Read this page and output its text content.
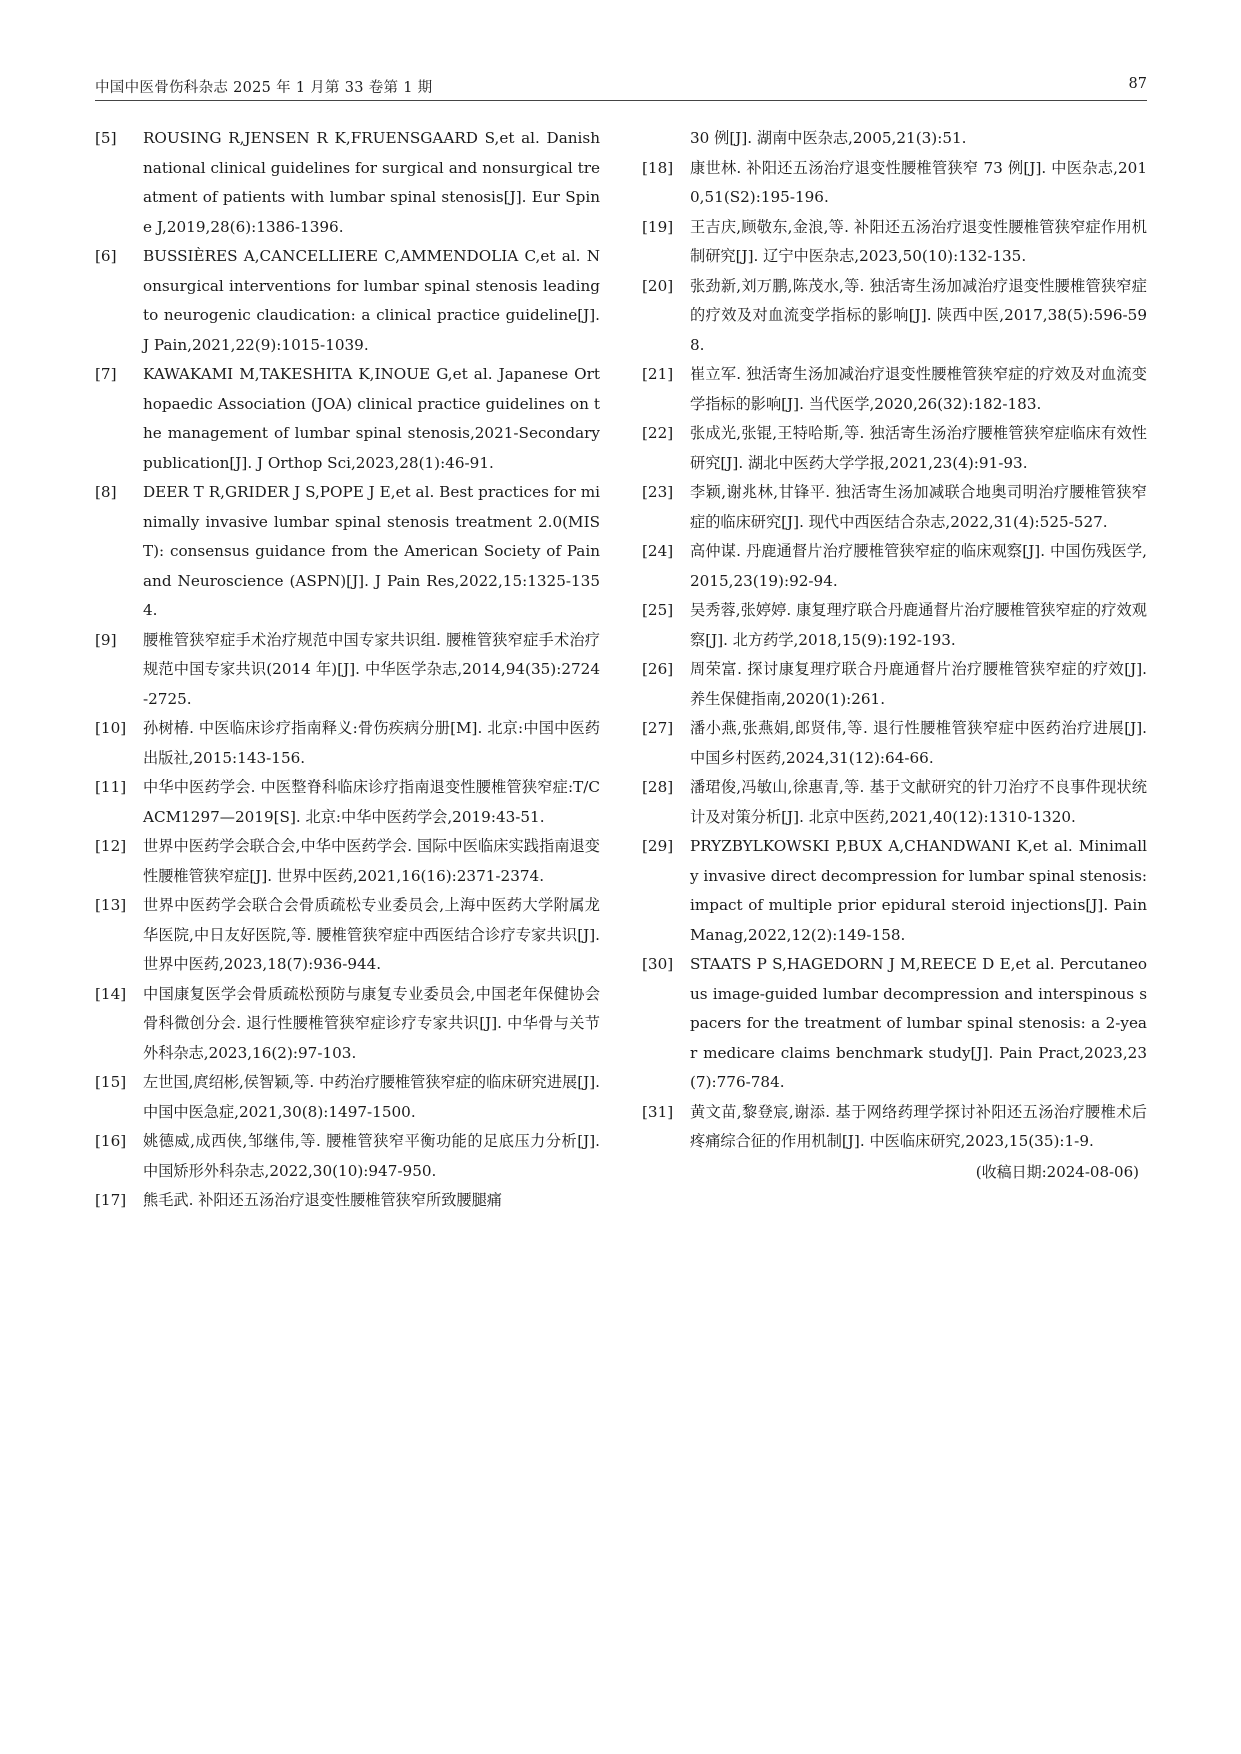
中国中医骨伤科杂志 2025 年 1 月第 33 卷第 1 期	87

[5] ROUSING R,JENSEN R K,FRUENSGAARD S,et al. Danish national clinical guidelines for surgical and nonsurgical treatment of patients with lumbar spinal stenosis[J]. Eur Spine J,2019,28(6):1386-1396.

[6] BUSSIÈRES A,CANCELLIERE C,AMMENDOLIA C,et al. Nonsurgical interventions for lumbar spinal stenosis leading to neurogenic claudication: a clinical practice guideline[J]. J Pain,2021,22(9):1015-1039.

[7] KAWAKAMI M,TAKESHITA K,INOUE G,et al. Japanese Orthopaedic Association (JOA) clinical practice guidelines on the management of lumbar spinal stenosis,2021-Secondary publication[J]. J Orthop Sci,2023,28(1):46-91.

[8] DEER T R,GRIDER J S,POPE J E,et al. Best practices for minimally invasive lumbar spinal stenosis treatment 2.0(MIST): consensus guidance from the American Society of Pain and Neuroscience (ASPN)[J]. J Pain Res,2022,15:1325-1354.

[9] 腰椎管狭窄症手术治疗规范中国专家共识组. 腰椎管狭窄症手术治疗规范中国专家共识(2014 年)[J]. 中华医学杂志,2014,94(35):2724-2725.

[10] 孙树椿. 中医临床诊疗指南释义:骨伤疾病分册[M]. 北京:中国中医药出版社,2015:143-156.

[11] 中华中医药学会. 中医整脊科临床诊疗指南退变性腰椎管狭窄症:T/CACM1297—2019[S]. 北京:中华中医药学会,2019:43-51.

[12] 世界中医药学会联合会,中华中医药学会. 国际中医临床实践指南退变性腰椎管狭窄症[J]. 世界中医药,2021,16(16):2371-2374.

[13] 世界中医药学会联合会骨质疏松专业委员会,上海中医药大学附属龙华医院,中日友好医院,等. 腰椎管狭窄症中西医结合诊疗专家共识[J]. 世界中医药,2023,18(7):936-944.

[14] 中国康复医学会骨质疏松预防与康复专业委员会,中国老年保健协会骨科微创分会. 退行性腰椎管狭窄症诊疗专家共识[J]. 中华骨与关节外科杂志,2023,16(2):97-103.

[15] 左世国,庹绍彬,侯智颖,等. 中药治疗腰椎管狭窄症的临床研究进展[J]. 中国中医急症,2021,30(8):1497-1500.

[16] 姚德威,成西侠,邹继伟,等. 腰椎管狭窄平衡功能的足底压力分析[J]. 中国矫形外科杂志,2022,30(10):947-950.

[17] 熊毛武. 补阳还五汤治疗退变性腰椎管狭窄所致腰腿痛

30 例[J]. 湖南中医杂志,2005,21(3):51.

[18] 康世林. 补阳还五汤治疗退变性腰椎管狭窄 73 例[J]. 中医杂志,2010,51(S2):195-196.

[19] 王吉庆,顾敬东,金浪,等. 补阳还五汤治疗退变性腰椎管狭窄症作用机制研究[J]. 辽宁中医杂志,2023,50(10):132-135.

[20] 张劲新,刘万鹏,陈茂水,等. 独活寄生汤加减治疗退变性腰椎管狭窄症的疗效及对血流变学指标的影响[J]. 陕西中医,2017,38(5):596-598.

[21] 崔立军. 独活寄生汤加减治疗退变性腰椎管狭窄症的疗效及对血流变学指标的影响[J]. 当代医学,2020,26(32):182-183.

[22] 张成光,张锟,王特哈斯,等. 独活寄生汤治疗腰椎管狭窄症临床有效性研究[J]. 湖北中医药大学学报,2021,23(4):91-93.

[23] 李颖,谢兆林,甘锋平. 独活寄生汤加减联合地奥司明治疗腰椎管狭窄症的临床研究[J]. 现代中西医结合杂志,2022,31(4):525-527.

[24] 高仲谋. 丹鹿通督片治疗腰椎管狭窄症的临床观察[J]. 中国伤残医学,2015,23(19):92-94.

[25] 吴秀蓉,张婷婷. 康复理疗联合丹鹿通督片治疗腰椎管狭窄症的疗效观察[J]. 北方药学,2018,15(9):192-193.

[26] 周荣富. 探讨康复理疗联合丹鹿通督片治疗腰椎管狭窄症的疗效[J]. 养生保健指南,2020(1):261.

[27] 潘小燕,张燕娟,郎贤伟,等. 退行性腰椎管狭窄症中医药治疗进展[J]. 中国乡村医药,2024,31(12):64-66.

[28] 潘珺俊,冯敏山,徐惠青,等. 基于文献研究的针刀治疗不良事件现状统计及对策分析[J]. 北京中医药,2021,40(12):1310-1320.

[29] PRYZBYLKOWSKI P,BUX A,CHANDWANI K,et al. Minimally invasive direct decompression for lumbar spinal stenosis: impact of multiple prior epidural steroid injections[J]. Pain Manag,2022,12(2):149-158.

[30] STAATS P S,HAGEDORN J M,REECE D E,et al. Percutaneous image-guided lumbar decompression and interspinous spacers for the treatment of lumbar spinal stenosis: a 2-year medicare claims benchmark study[J]. Pain Pract,2023,23(7):776-784.

[31] 黄文苗,黎登宸,谢添. 基于网络药理学探讨补阳还五汤治疗腰椎术后疼痛综合征的作用机制[J]. 中医临床研究,2023,15(35):1-9.

(收稿日期:2024-08-06)
